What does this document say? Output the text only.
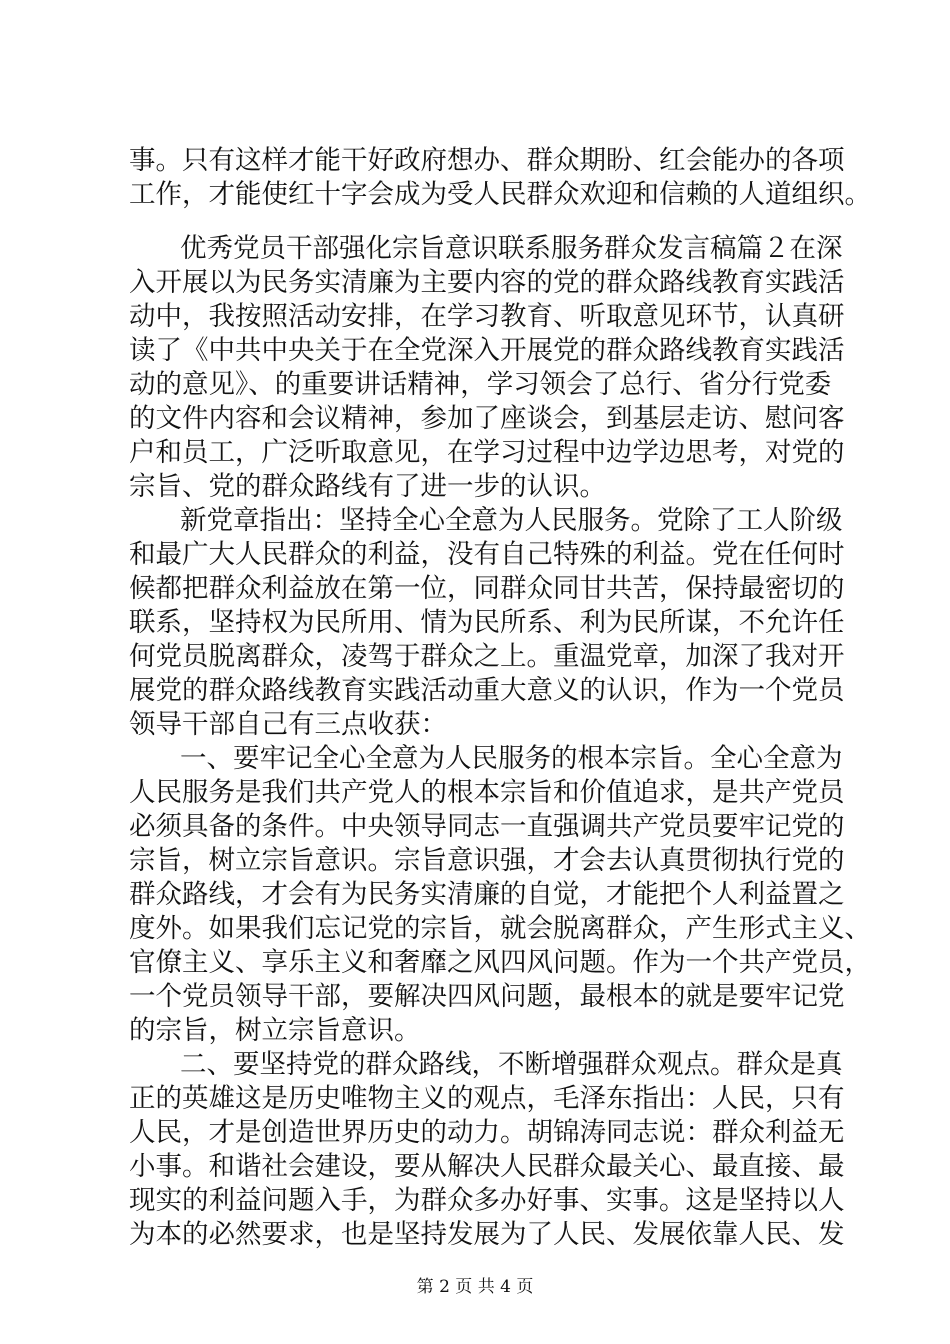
事。只有这样才能干好政府想办、群众期盼、红会能办的各项
工作，才能使红十字会成为受人民群众欢迎和信赖的人道组织。
优秀党员干部强化宗旨意识联系服务群众发言稿篇２在深
入开展以为民务实清廉为主要内容的党的群众路线教育实践活
动中，我按照活动安排，在学习教育、听取意见环节，认真研
读了《中共中央关于在全党深入开展党的群众路线教育实践活
动的意见》、的重要讲话精神，学习领会了总行、省分行党委
的文件内容和会议精神，参加了座谈会，到基层走访、慰问客
户和员工，广泛听取意见，在学习过程中边学边思考，对党的
宗旨、党的群众路线有了进一步的认识。
新党章指出：坚持全心全意为人民服务。党除了工人阶级
和最广大人民群众的利益，没有自己特殊的利益。党在任何时
候都把群众利益放在第一位，同群众同甘共苦，保持最密切的
联系，坚持权为民所用、情为民所系、利为民所谋，不允许任
何党员脱离群众，凌驾于群众之上。重温党章，加深了我对开
展党的群众路线教育实践活动重大意义的认识，作为一个党员
领导干部自己有三点收获：
一、要牢记全心全意为人民服务的根本宗旨。全心全意为
人民服务是我们共产党人的根本宗旨和价值追求，是共产党员
必须具备的条件。中央领导同志一直强调共产党员要牢记党的
宗旨，树立宗旨意识。宗旨意识强，才会去认真贯彻执行党的
群众路线，才会有为民务实清廉的自觉，才能把个人利益置之
度外。如果我们忘记党的宗旨，就会脱离群众，产生形式主义、
官僚主义、享乐主义和奢靡之风四风问题。作为一个共产党员，
一个党员领导干部，要解决四风问题，最根本的就是要牢记党
的宗旨，树立宗旨意识。
二、要坚持党的群众路线，不断增强群众观点。群众是真
正的英雄这是历史唯物主义的观点，毛泽东指出：人民，只有
人民，才是创造世界历史的动力。胡锦涛同志说：群众利益无
小事。和谐社会建设，要从解决人民群众最关心、最直接、最
现实的利益问题入手，为群众多办好事、实事。这是坚持以人
为本的必然要求，也是坚持发展为了人民、发展依靠人民、发
第 2 页 共 4 页
